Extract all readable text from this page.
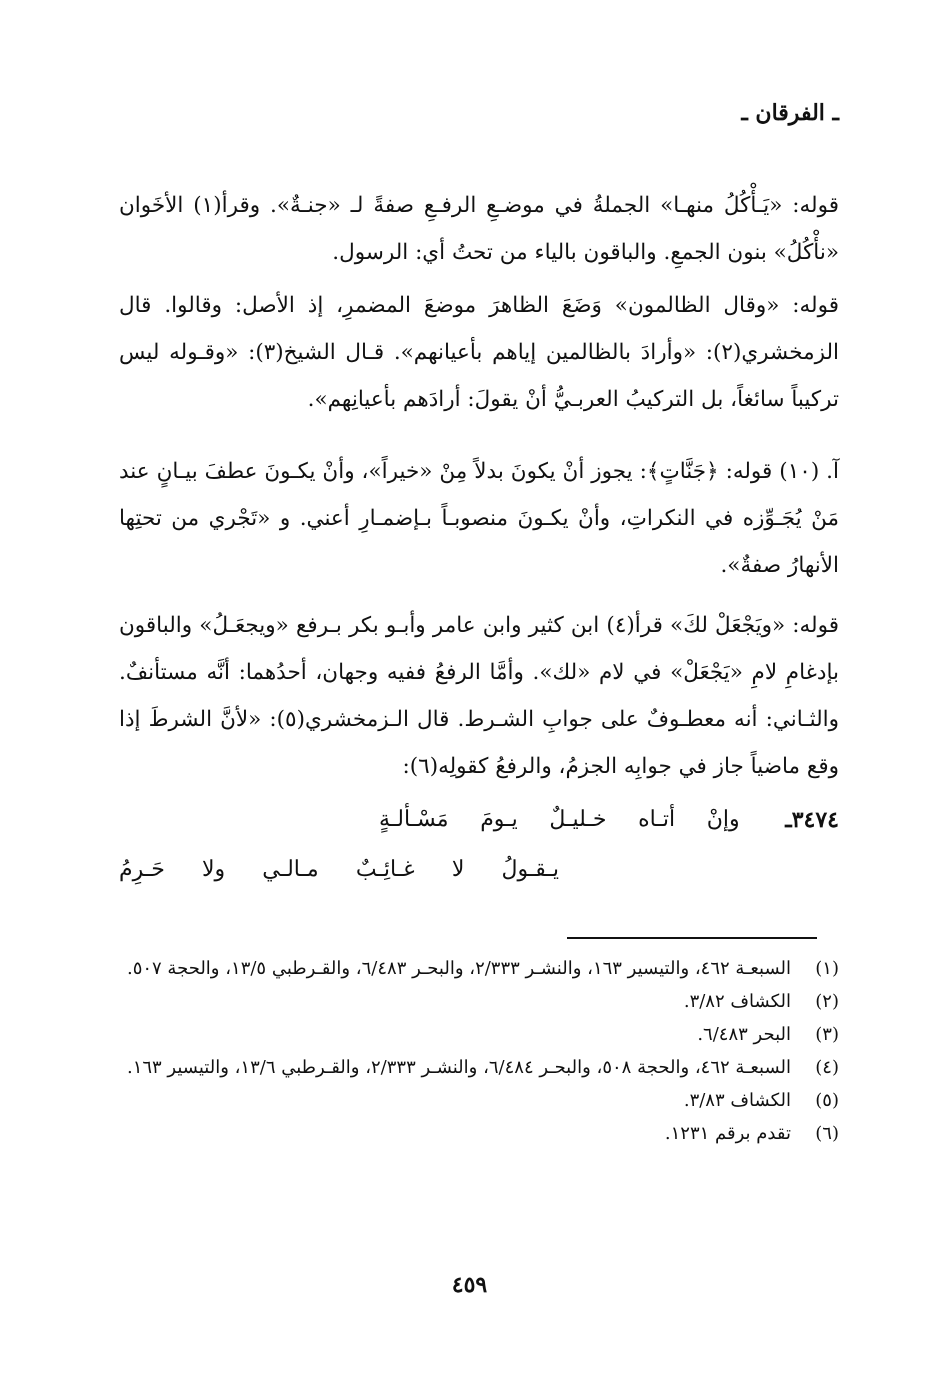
ـ الفرقان ـ

قوله: «يَـأْكُلُ منهـا» الجملةُ في موضـعِ الرفـعِ صفةً لـ «جنـةٌ». وقرأ(١) الأخَوان «نأْكُلُ» بنون الجمعِ. والباقون بالياء من تحتُ أي: الرسول.

قوله: «وقال الظالمون» وَضَعَ الظاهرَ موضعَ المضمرِ، إذ الأصل: وقالوا. قال الزمخشري(٢): «وأرادَ بالظالمين إياهم بأعيانهم». قـال الشيخ(٣): «وقـوله ليس تركيباً سائغاً، بل التركيبُ العربـيُّ أنْ يقولَ: أرادَهم بأعيانِهم».

آ. (١٠) قوله: ﴿جَنَّاتٍ﴾: يجوز أنْ يكونَ بدلاً مِنْ «خيراً»، وأنْ يكـونَ عطفَ بيـانٍ عند مَنْ يُجَـوِّزه في النكراتِ، وأنْ يكـونَ منصوبـاً بـإضمـارِ أعني. و «تَجْري من تحتِها الأنهارُ صفةٌ».

قوله: «ويَجْعَلْ لكَ» قرأ(٤) ابن كثير وابن عامر وأبـو بكر بـرفع «ويجعَـلُ» والباقون بإدغامِ لامِ «يَجْعَلْ» في لام «لك». وأمَّا الرفعُ ففيه وجهان، أحدُهما: أنَّه مستأنفٌ. والثـاني: أنه معطـوفٌ على جوابِ الشـرط. قال الـزمخشري(٥): «لأنَّ الشرطَ إذا وقع ماضياً جاز في جوابِه الجزمُ، والرفعُ كقولِه(٦):

٣٤٧٤ـ
وإنْ
أتـاه
خـليـلٌ
يـومَ
مَسْـألـةٍ
يـقـولُ
لا
غـائِـبٌ
مـالـي
ولا
حَـرِمُ
(١)
السبعـة ٤٦٢، والتيسير ١٦٣، والنشـر ٢/٣٣٣، والبحـر ٦/٤٨٣، والقـرطبي ١٣/٥، والحجة ٥٠٧.
(٢)
الكشاف ٣/٨٢.
(٣)
البحر ٦/٤٨٣.
(٤)
السبعـة ٤٦٢، والحجة ٥٠٨، والبحـر ٦/٤٨٤، والنشـر ٢/٣٣٣، والقـرطبي ١٣/٦، والتيسير ١٦٣.
(٥)
الكشاف ٣/٨٣.
(٦)
تقدم برقم ١٢٣١.
٤٥٩
